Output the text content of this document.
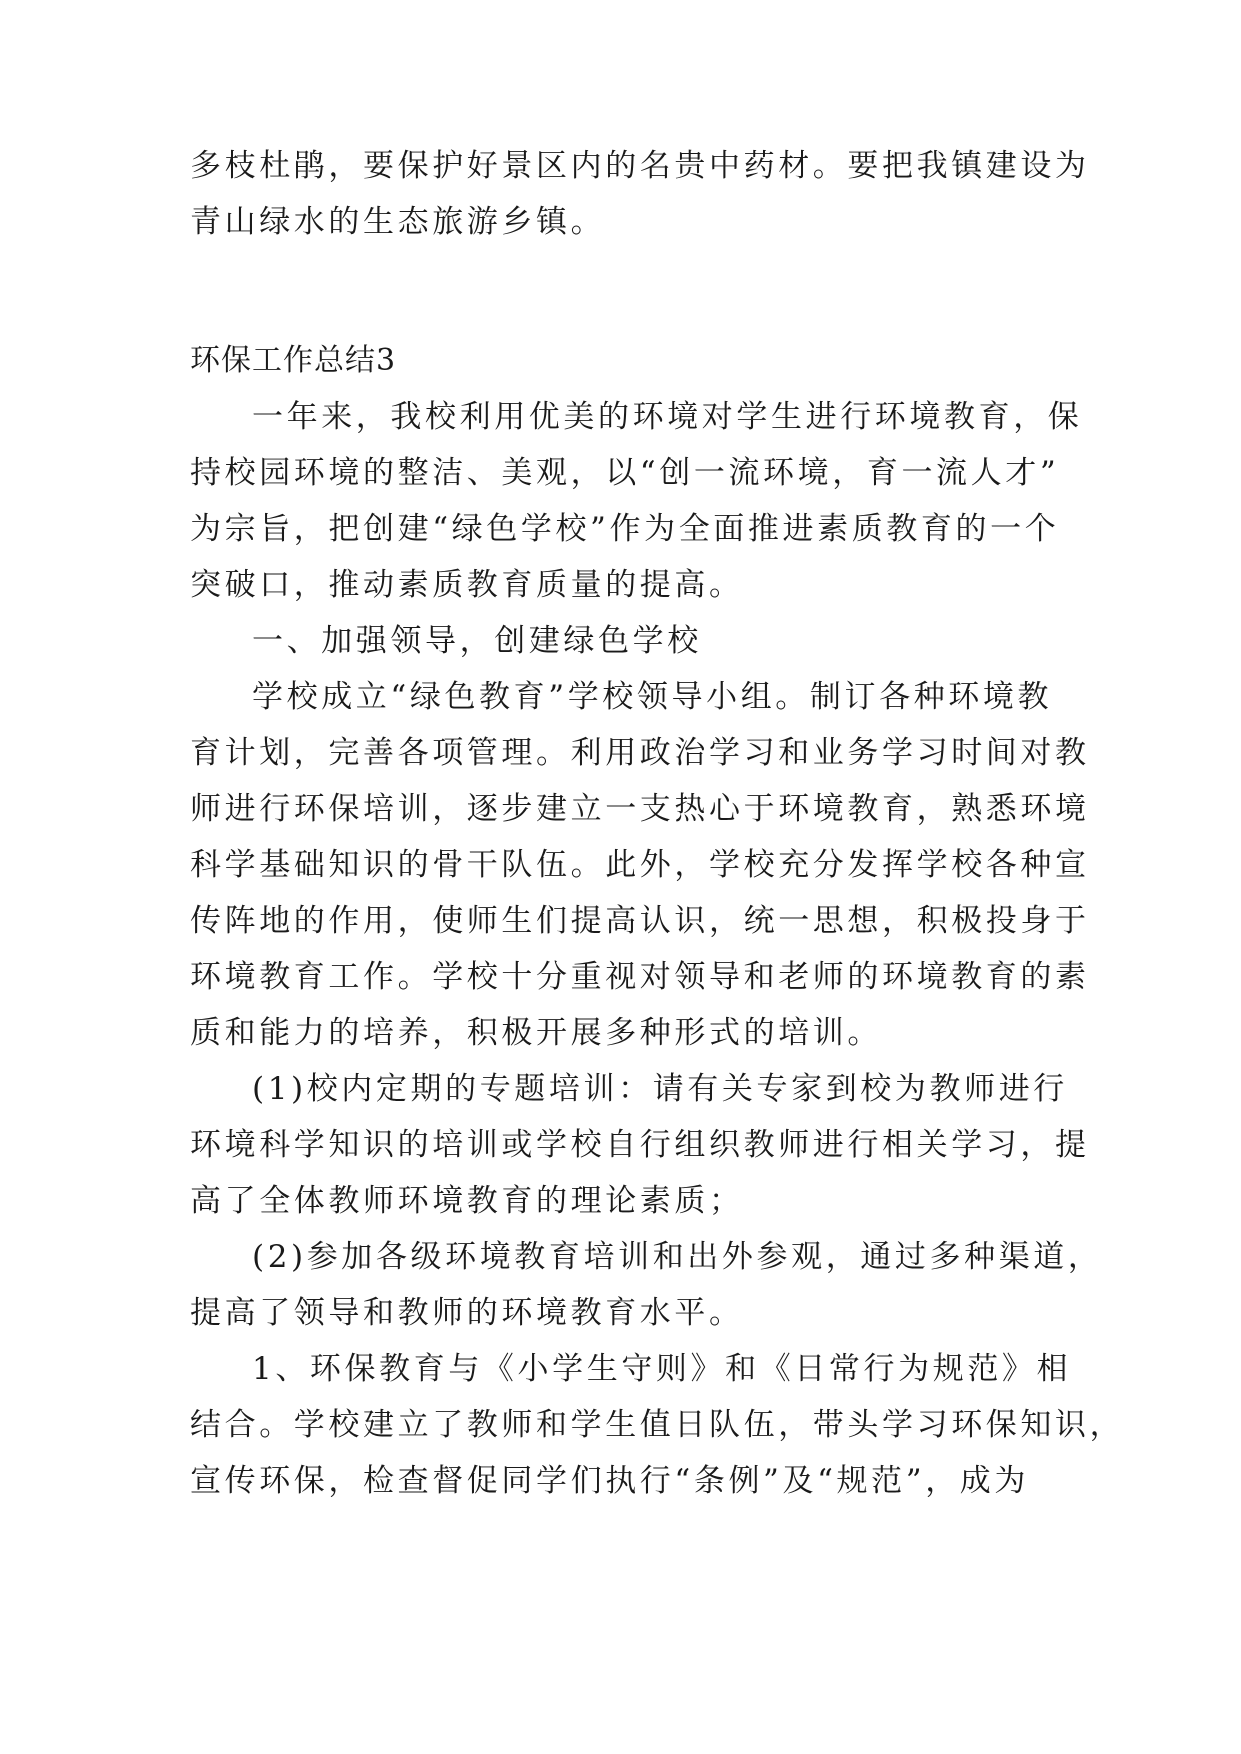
多枝杜鹃，要保护好景区内的名贵中药材。要把我镇建设为
青山绿水的生态旅游乡镇。
环保工作总结3
一年来，我校利用优美的环境对学生进行环境教育，保
持校园环境的整洁、美观，以“创一流环境，育一流人才”
为宗旨，把创建“绿色学校”作为全面推进素质教育的一个
突破口，推动素质教育质量的提高。
一、加强领导，创建绿色学校
学校成立“绿色教育”学校领导小组。制订各种环境教
育计划，完善各项管理。利用政治学习和业务学习时间对教
师进行环保培训，逐步建立一支热心于环境教育，熟悉环境
科学基础知识的骨干队伍。此外，学校充分发挥学校各种宣
传阵地的作用，使师生们提高认识，统一思想，积极投身于
环境教育工作。学校十分重视对领导和老师的环境教育的素
质和能力的培养，积极开展多种形式的培训。
(1)校内定期的专题培训：请有关专家到校为教师进行
环境科学知识的培训或学校自行组织教师进行相关学习，提
高了全体教师环境教育的理论素质；
(2)参加各级环境教育培训和出外参观，通过多种渠道，
提高了领导和教师的环境教育水平。
1、环保教育与《小学生守则》和《日常行为规范》相
结合。学校建立了教师和学生值日队伍，带头学习环保知识，
宣传环保，检查督促同学们执行“条例”及“规范”，成为
